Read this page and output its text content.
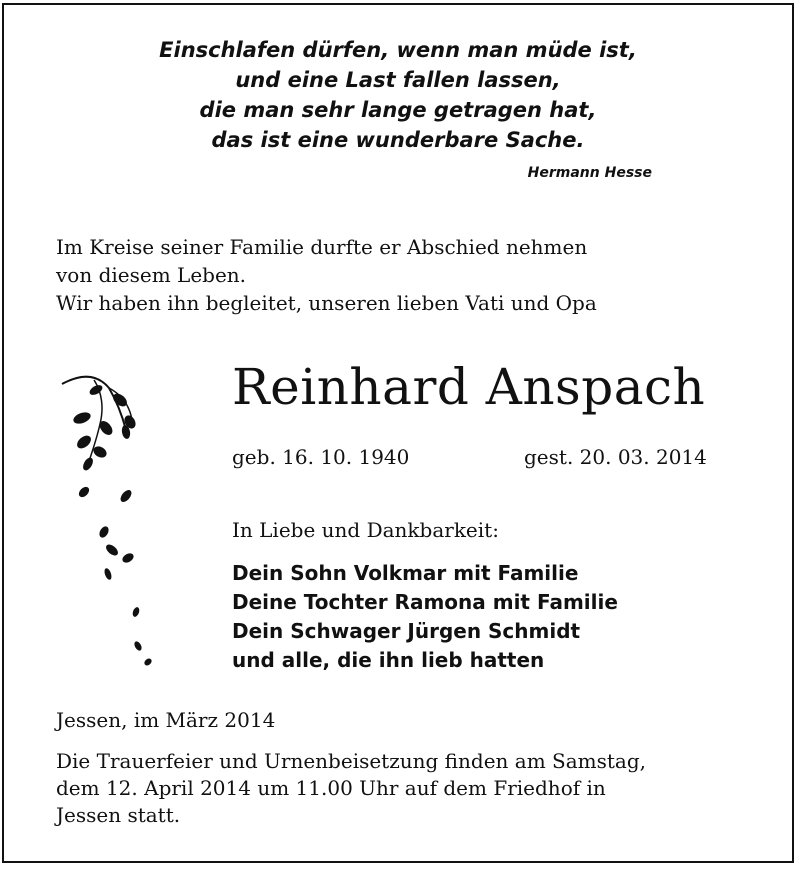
Einschlafen dürfen, wenn man müde ist,
und eine Last fallen lassen,
die man sehr lange getragen hat,
das ist eine wunderbare Sache.
Hermann Hesse
Im Kreise seiner Familie durfte er Abschied nehmen
von diesem Leben.
Wir haben ihn begleitet, unseren lieben Vati und Opa
Reinhard Anspach
geb. 16. 10. 1940	gest. 20. 03. 2014
In Liebe und Dankbarkeit:
Dein Sohn Volkmar mit Familie
Deine Tochter Ramona mit Familie
Dein Schwager Jürgen Schmidt
und alle, die ihn lieb hatten
Jessen, im März 2014
Die Trauerfeier und Urnenbeisetzung finden am Samstag,
dem 12. April 2014 um 11.00 Uhr auf dem Friedhof in
Jessen statt.
